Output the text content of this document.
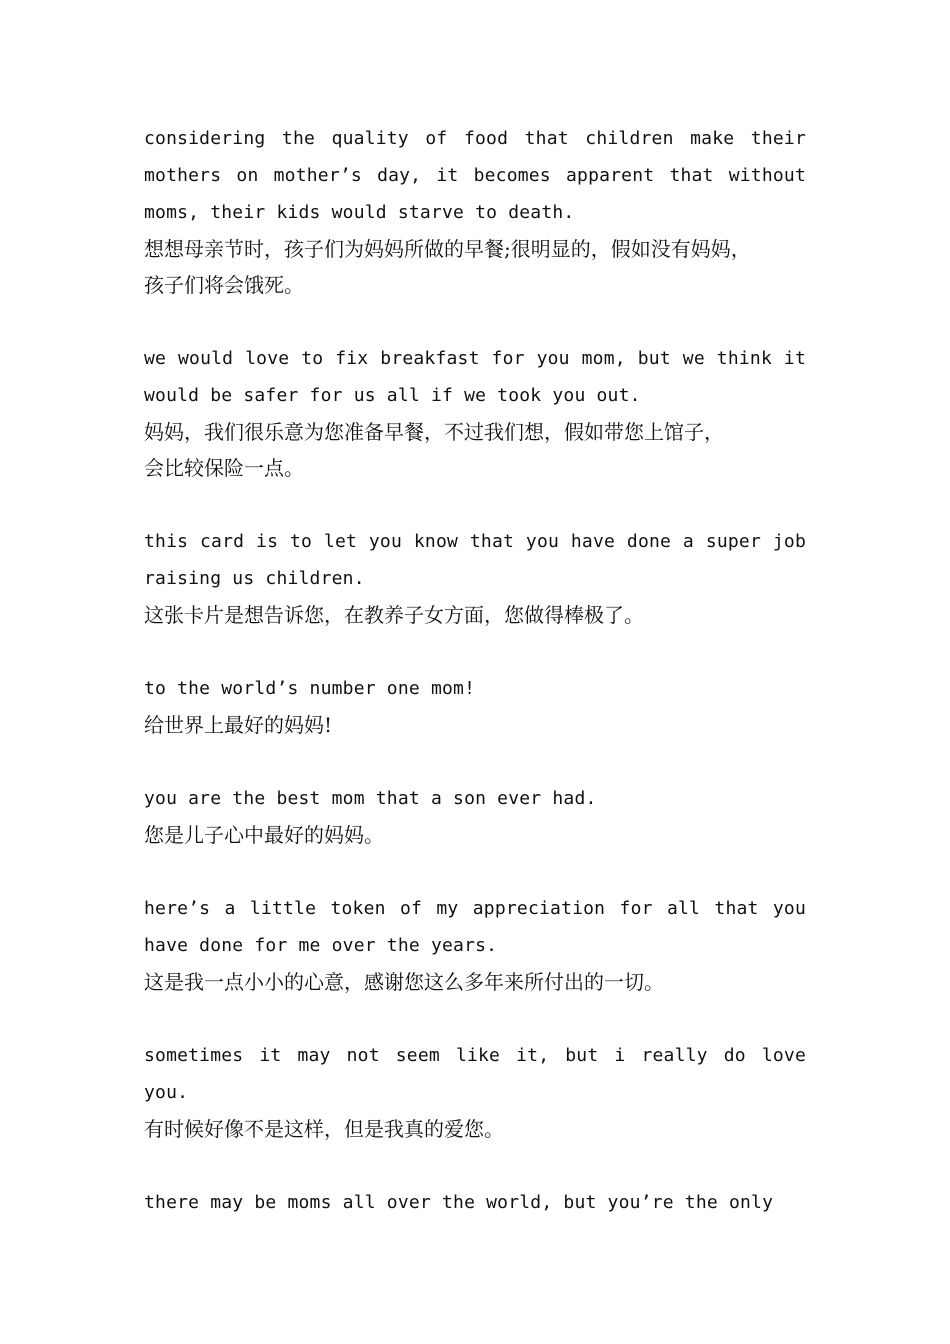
considering the quality of food that children make their mothers on mother’s day, it becomes apparent that without moms, their kids would starve to death.

想想母亲节时，孩子们为妈妈所做的早餐;很明显的，假如没有妈妈，

孩子们将会饿死。

we would love to fix breakfast for you mom, but we think it would be safer for us all if we took you out.

妈妈，我们很乐意为您准备早餐，不过我们想，假如带您上馆子，

会比较保险一点。

this card is to let you know that you have done a super job raising us children.

这张卡片是想告诉您，在教养子女方面，您做得棒极了。

to the world’s number one mom!

给世界上最好的妈妈!

you are the best mom that a son ever had.

您是儿子心中最好的妈妈。

here’s a little token of my appreciation for all that you have done for me over the years.

这是我一点小小的心意，感谢您这么多年来所付出的一切。

sometimes it may not seem like it, but i really do love you.

有时候好像不是这样，但是我真的爱您。

there may be moms all over the world, but you’re the only
